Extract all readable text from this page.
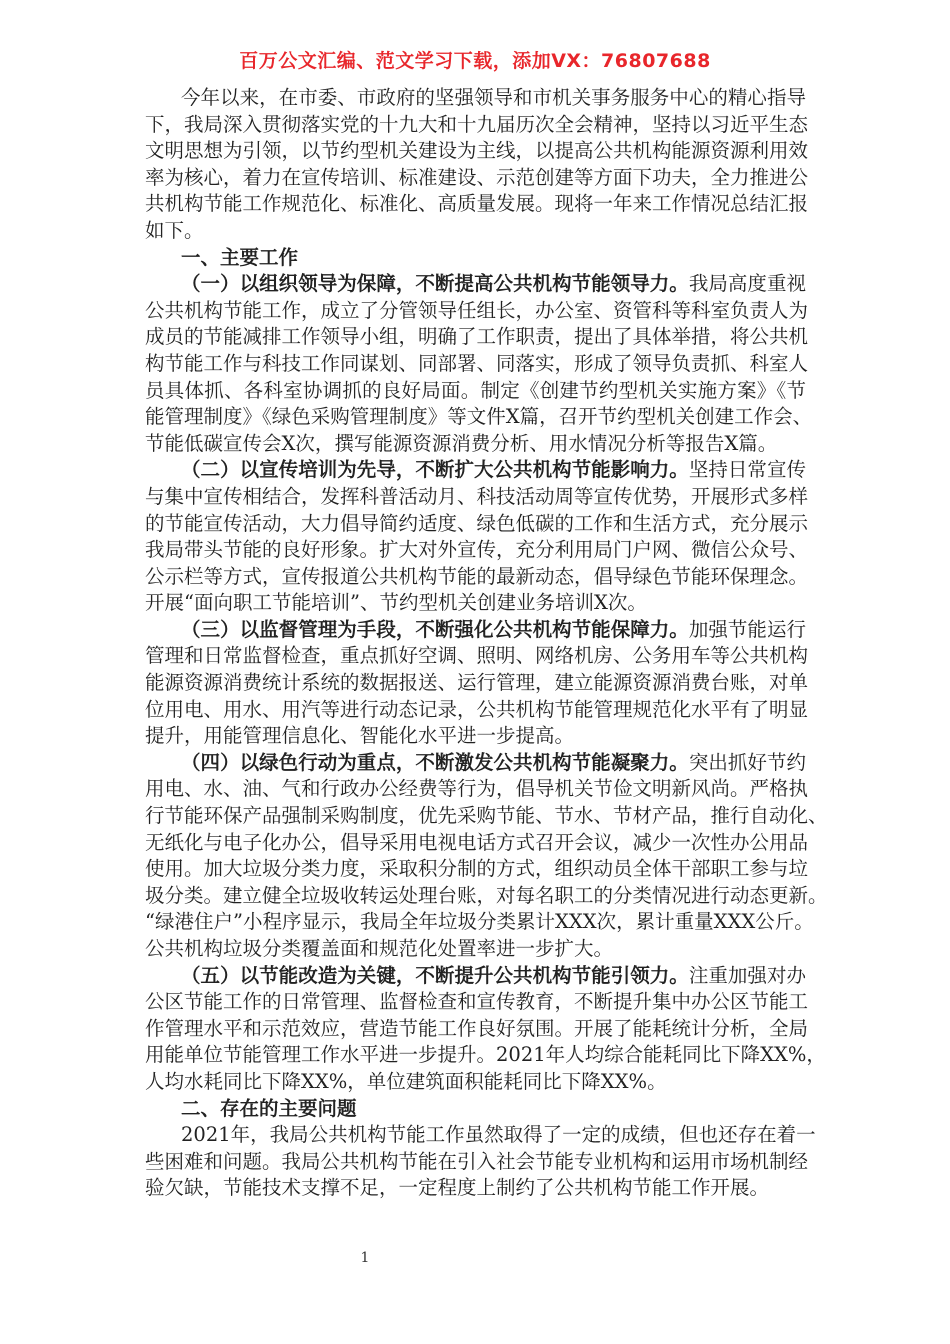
百万公文汇编、范文学习下载，添加VX：76807688
今年以来，在市委、市政府的坚强领导和市机关事务服务中心的精心指导
下，我局深入贯彻落实党的十九大和十九届历次全会精神，坚持以习近平生态
文明思想为引领，以节约型机关建设为主线，以提高公共机构能源资源利用效
率为核心，着力在宣传培训、标准建设、示范创建等方面下功夫，全力推进公
共机构节能工作规范化、标准化、高质量发展。现将一年来工作情况总结汇报
如下。
一、主要工作
（一）以组织领导为保障，不断提高公共机构节能领导力。我局高度重视
公共机构节能工作，成立了分管领导任组长，办公室、资管科等科室负责人为
成员的节能减排工作领导小组，明确了工作职责，提出了具体举措，将公共机
构节能工作与科技工作同谋划、同部署、同落实，形成了领导负责抓、科室人
员具体抓、各科室协调抓的良好局面。制定《创建节约型机关实施方案》《节
能管理制度》《绿色采购管理制度》等文件X篇，召开节约型机关创建工作会、
节能低碳宣传会X次，撰写能源资源消费分析、用水情况分析等报告X篇。
（二）以宣传培训为先导，不断扩大公共机构节能影响力。坚持日常宣传
与集中宣传相结合，发挥科普活动月、科技活动周等宣传优势，开展形式多样
的节能宣传活动，大力倡导简约适度、绿色低碳的工作和生活方式，充分展示
我局带头节能的良好形象。扩大对外宣传，充分利用局门户网、微信公众号、
公示栏等方式，宣传报道公共机构节能的最新动态，倡导绿色节能环保理念。
开展“面向职工节能培训”、节约型机关创建业务培训X次。
（三）以监督管理为手段，不断强化公共机构节能保障力。加强节能运行
管理和日常监督检查，重点抓好空调、照明、网络机房、公务用车等公共机构
能源资源消费统计系统的数据报送、运行管理，建立能源资源消费台账，对单
位用电、用水、用汽等进行动态记录，公共机构节能管理规范化水平有了明显
提升，用能管理信息化、智能化水平进一步提高。
（四）以绿色行动为重点，不断激发公共机构节能凝聚力。突出抓好节约
用电、水、油、气和行政办公经费等行为，倡导机关节俭文明新风尚。严格执
行节能环保产品强制采购制度，优先采购节能、节水、节材产品，推行自动化、
无纸化与电子化办公，倡导采用电视电话方式召开会议，减少一次性办公用品
使用。加大垃圾分类力度，采取积分制的方式，组织动员全体干部职工参与垃
圾分类。建立健全垃圾收转运处理台账，对每名职工的分类情况进行动态更新。
“绿港住户”小程序显示，我局全年垃圾分类累计XXX次，累计重量XXX公斤。
公共机构垃圾分类覆盖面和规范化处置率进一步扩大。
（五）以节能改造为关键，不断提升公共机构节能引领力。注重加强对办
公区节能工作的日常管理、监督检查和宣传教育，不断提升集中办公区节能工
作管理水平和示范效应，营造节能工作良好氛围。开展了能耗统计分析，全局
用能单位节能管理工作水平进一步提升。2021年人均综合能耗同比下降XX%，
人均水耗同比下降XX%，单位建筑面积能耗同比下降XX%。
二、存在的主要问题
2021年，我局公共机构节能工作虽然取得了一定的成绩，但也还存在着一
些困难和问题。我局公共机构节能在引入社会节能专业机构和运用市场机制经
验欠缺，节能技术支撑不足，一定程度上制约了公共机构节能工作开展。
1
